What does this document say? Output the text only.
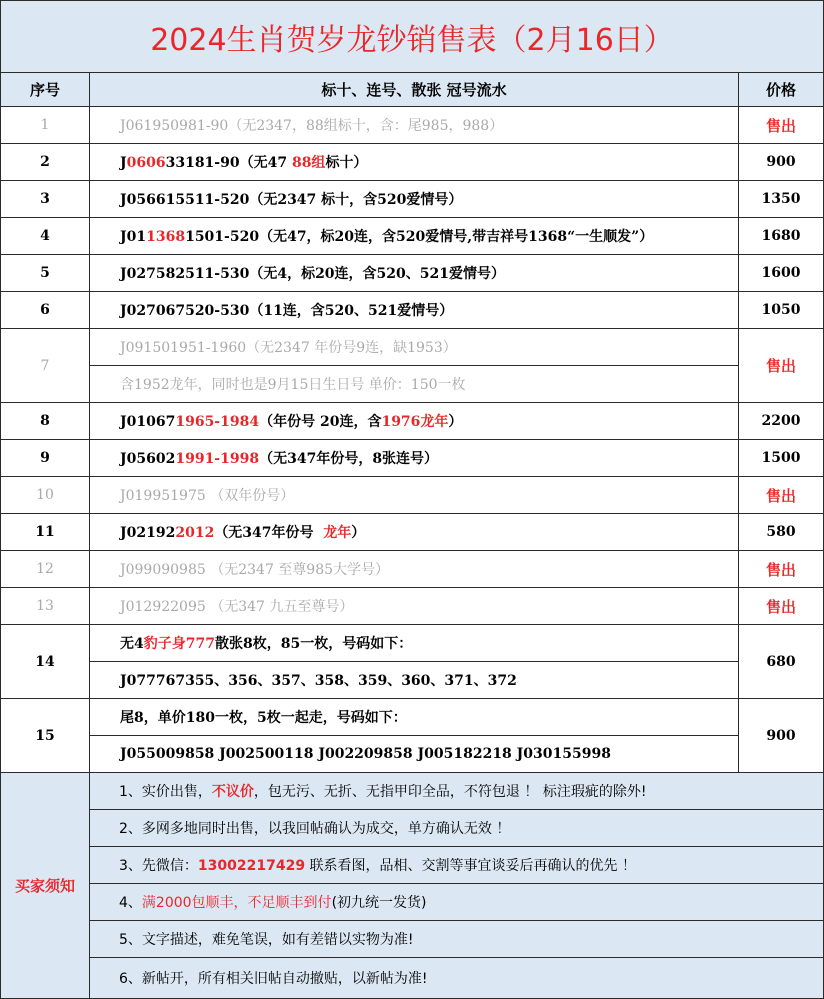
2024生肖贺岁龙钞销售表（2月16日）		
序号	标十、连号、散张 冠号流水	价格
1	J061950981-90（无2347，88组标十，含：尾985，988）	售出
2	J060633181-90（无47 88组标十）	900
3	J056615511-520（无2347 标十，含520爱情号）	1350
4	J0113681501-520（无47，标20连，含520爱情号,带吉祥号1368“一生顺发”）	1680
5	J027582511-530（无4，标20连，含520、521爱情号）	1600
6	J027067520-530（11连，含520、521爱情号）	1050
7	J091501951-1960（无2347 年份号9连，缺1953）	售出
	含1952龙年，同时也是9月15日生日号 单价：150一枚	
8	J010671965-1984（年份号 20连，含1976龙年）	2200
9	J056021991-1998（无347年份号，8张连号）	1500
10	J019951975 （双年份号）	售出
11	J021922012（无347年份号  龙年）	580
12	J099090985 （无2347 至尊985大学号）	售出
13	J012922095 （无347 九五至尊号）	售出
14	无4豹子身777散张8枚，85一枚，号码如下：	680
	J077767355、356、357、358、359、360、371、372	
15	尾8，单价180一枚，5枚一起走，号码如下：	900
	J055009858 J002500118 J002209858 J005182218 J030155998	
买家须知	1、实价出售，不议价，包无污、无折、无指甲印全品，不符包退 ！ 标注瑕疵的除外!	
	2、多网多地同时出售，以我回帖确认为成交，单方确认无效 ！	
	3、先微信：13002217429 联系看图，品相、交割等事宜谈妥后再确认的优先 ！	
	4、满2000包顺丰，不足顺丰到付(初九统一发货)	
	5、文字描述，难免笔误，如有差错以实物为准!	
	6、新帖开，所有相关旧帖自动撤贴，以新帖为准!	
